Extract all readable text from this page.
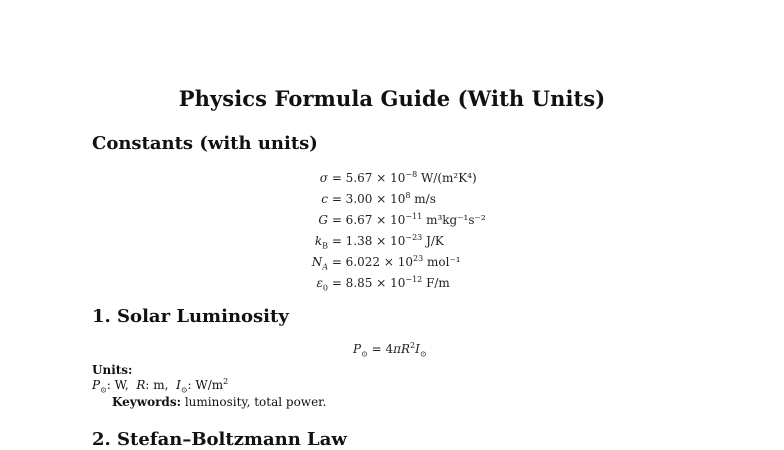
Physics Formula Guide (With Units)
Constants (with units)
$\sigma = 5.67 \times 10^{-8}$ W/(m²K⁴)
$c = 3.00 \times 10^8$ m/s
$G = 6.67 \times 10^{-11}$ m³kg⁻¹s⁻²
$k_B = 1.38 \times 10^{-23}$ J/K
$N_A = 6.022 \times 10^{23}$ mol⁻¹
$\varepsilon_0 = 8.85 \times 10^{-12}$ F/m
1. Solar Luminosity
$P_⊙ = 4\pi R^2I_⊙$
Units:
$P_⊙$: W,  R: m,  $I_⊙$: $W/m^2$
Keywords: luminosity, total power.
2. Stefan–Boltzmann Law
